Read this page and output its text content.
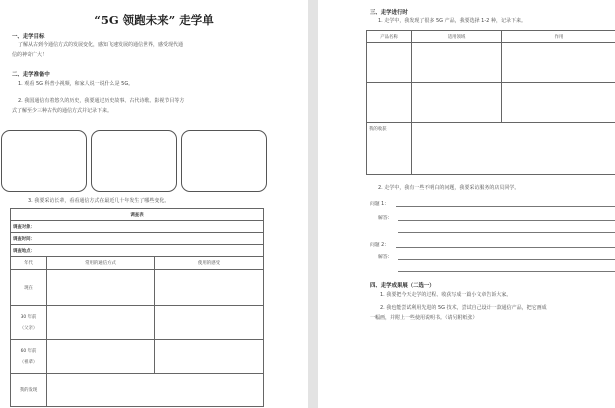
“5G 领跑未来” 走学单
一、走学目标
了解从古到今通信方式的发展变化，感知飞速发展的通信世界，感受现代通
信的神奇广大！
二、走学准备中
1. 观看 5G 科普小视频，和家人说一说什么是 5G。
2. 我国通信有着悠久的历史，我要通过历史故事、古代诗歌、影视节目等方
式了解至少三种古代的通信方式并记录下来。
3. 我要采访长辈，看看通信方式在最近几十年发生了哪些变化。
调查表		
调查对象：		
调查时间：		
调查地点：		
年代	常用的通信方式	使用的感受
现在		
30 年前

（父亲）		
60 年前

（祖辈）		
我的发现		
三、走学进行时
1. 走学中，我发现了很多 5G 产品，我要选择 1-2 种，记录下来。
产品名称	适用领域	作用

我的收获		
2. 走学中，我有一些不明白的问题，我要采访服务的店员同学。
问题 1：
解答：
问题 2：
解答：
四、走学成果展（二选一）
1. 我要把今天走学的过程、收获写成一篇小文章告诉大家。
2. 我也能尝试利用先进的 5G 技术，尝试自己设计一款通信产品，把它画成
一幅画，并附上一些使用说明书。（请另附纸张）
